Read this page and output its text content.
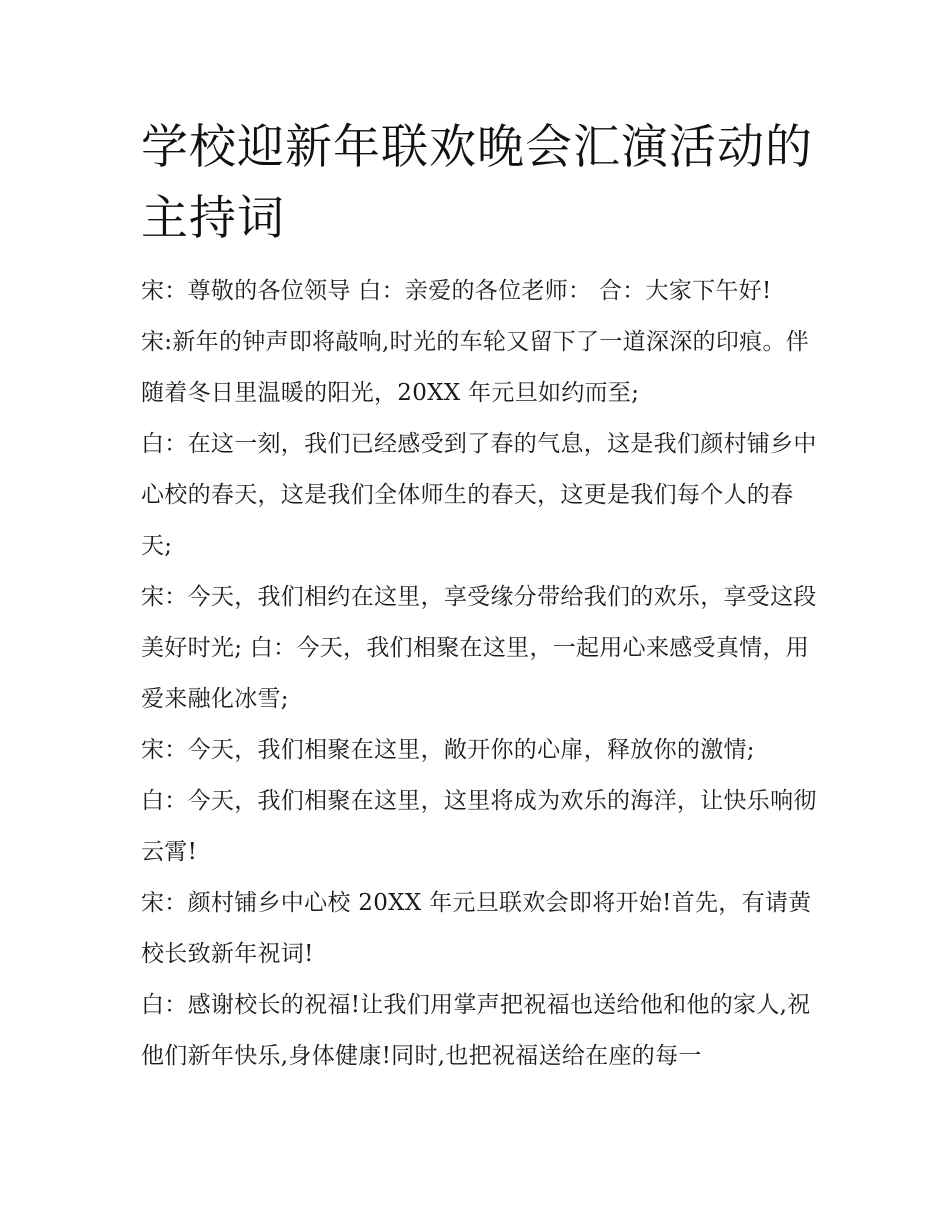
学校迎新年联欢晚会汇演活动的主持词

宋：尊敬的各位领导 白：亲爱的各位老师： 合：大家下午好!

宋:新年的钟声即将敲响,时光的车轮又留下了一道深深的印痕。伴随着冬日里温暖的阳光，20XX 年元旦如约而至;

白：在这一刻，我们已经感受到了春的气息，这是我们颜村铺乡中心校的春天，这是我们全体师生的春天，这更是我们每个人的春天;

宋：今天，我们相约在这里，享受缘分带给我们的欢乐，享受这段美好时光; 白：今天，我们相聚在这里，一起用心来感受真情，用爱来融化冰雪;

宋：今天，我们相聚在这里，敞开你的心扉，释放你的激情;

白：今天，我们相聚在这里，这里将成为欢乐的海洋，让快乐响彻云霄!

宋：颜村铺乡中心校 20XX 年元旦联欢会即将开始!首先，有请黄校长致新年祝词!

白：感谢校长的祝福!让我们用掌声把祝福也送给他和他的家人,祝他们新年快乐,身体健康!同时,也把祝福送给在座的每一
